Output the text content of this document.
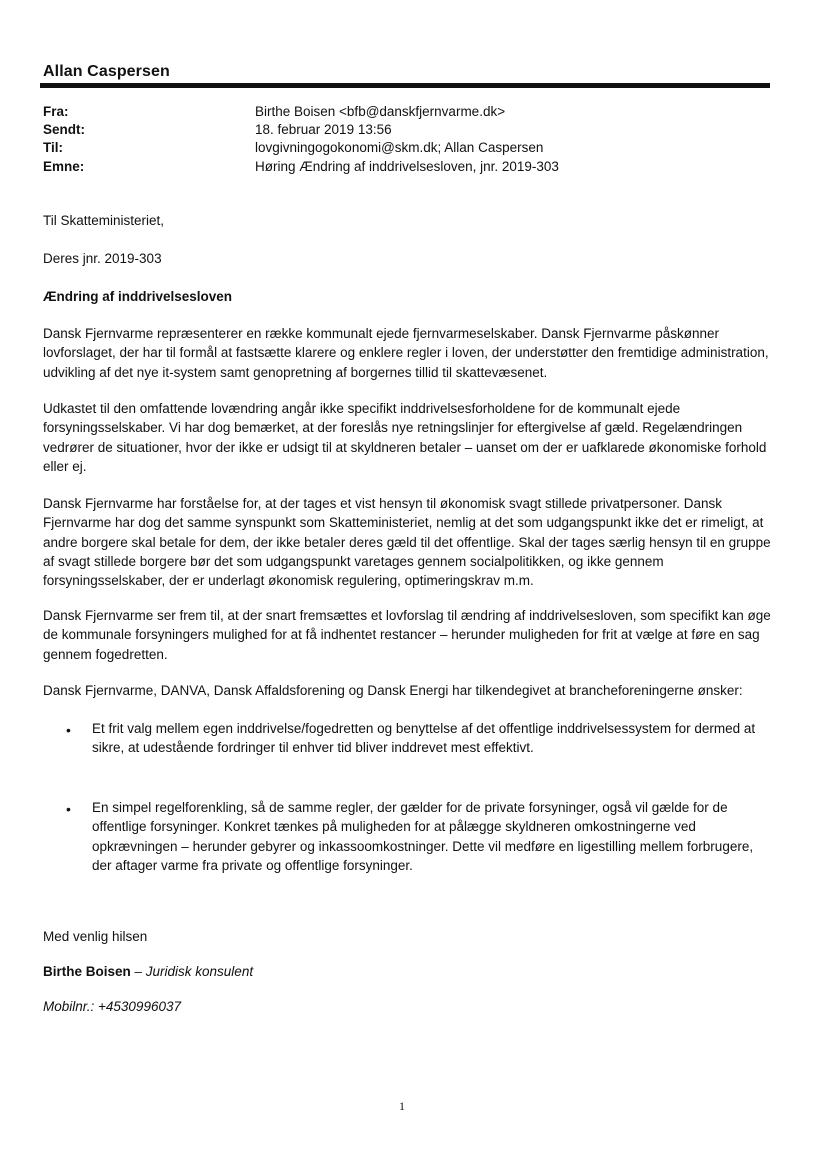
Allan Caspersen
Fra:	Birthe Boisen <bfb@danskfjernvarme.dk>
Sendt:	18. februar 2019 13:56
Til:	lovgivningogokonomi@skm.dk; Allan Caspersen
Emne:	Høring Ændring af inddrivelsesloven, jnr. 2019-303

Til Skatteministeriet,

Deres jnr. 2019-303

Ændring af inddrivelsesloven

Dansk Fjernvarme repræsenterer en række kommunalt ejede fjernvarmeselskaber. Dansk Fjernvarme påskønner lovforslaget, der har til formål at fastsætte klarere og enklere regler i loven, der understøtter den fremtidige administration, udvikling af det nye it-system samt genopretning af borgernes tillid til skattevæsenet.

Udkastet til den omfattende lovændring angår ikke specifikt inddrivelsesforholdene for de kommunalt ejede forsyningsselskaber. Vi har dog bemærket, at der foreslås nye retningslinjer for eftergivelse af gæld. Regelændringen vedrører de situationer, hvor der ikke er udsigt til at skyldneren betaler – uanset om der er uafklarede økonomiske forhold eller ej.

Dansk Fjernvarme har forståelse for, at der tages et vist hensyn til økonomisk svagt stillede privatpersoner. Dansk Fjernvarme har dog det samme synspunkt som Skatteministeriet, nemlig at det som udgangspunkt ikke det er rimeligt, at andre borgere skal betale for dem, der ikke betaler deres gæld til det offentlige. Skal der tages særlig hensyn til en gruppe af svagt stillede borgere bør det som udgangspunkt varetages gennem socialpolitikken, og ikke gennem forsyningsselskaber, der er underlagt økonomisk regulering, optimeringskrav m.m.

Dansk Fjernvarme ser frem til, at der snart fremsættes et lovforslag til ændring af inddrivelsesloven, som specifikt kan øge de kommunale forsyningers mulighed for at få indhentet restancer – herunder muligheden for frit at vælge at føre en sag gennem fogedretten.

Dansk Fjernvarme, DANVA, Dansk Affaldsforening og Dansk Energi har tilkendegivet at brancheforeningerne ønsker:

• Et frit valg mellem egen inddrivelse/fogedretten og benyttelse af det offentlige inddrivelsessystem for dermed at sikre, at udestående fordringer til enhver tid bliver inddrevet mest effektivt.

• En simpel regelforenkling, så de samme regler, der gælder for de private forsyninger, også vil gælde for de offentlige forsyninger. Konkret tænkes på muligheden for at pålægge skyldneren omkostningerne ved opkrævningen – herunder gebyrer og inkassoomkostninger. Dette vil medføre en ligestilling mellem forbrugere, der aftager varme fra private og offentlige forsyninger.

Med venlig hilsen
Birthe Boisen – Juridisk konsulent
Mobilnr.: +4530996037
1
